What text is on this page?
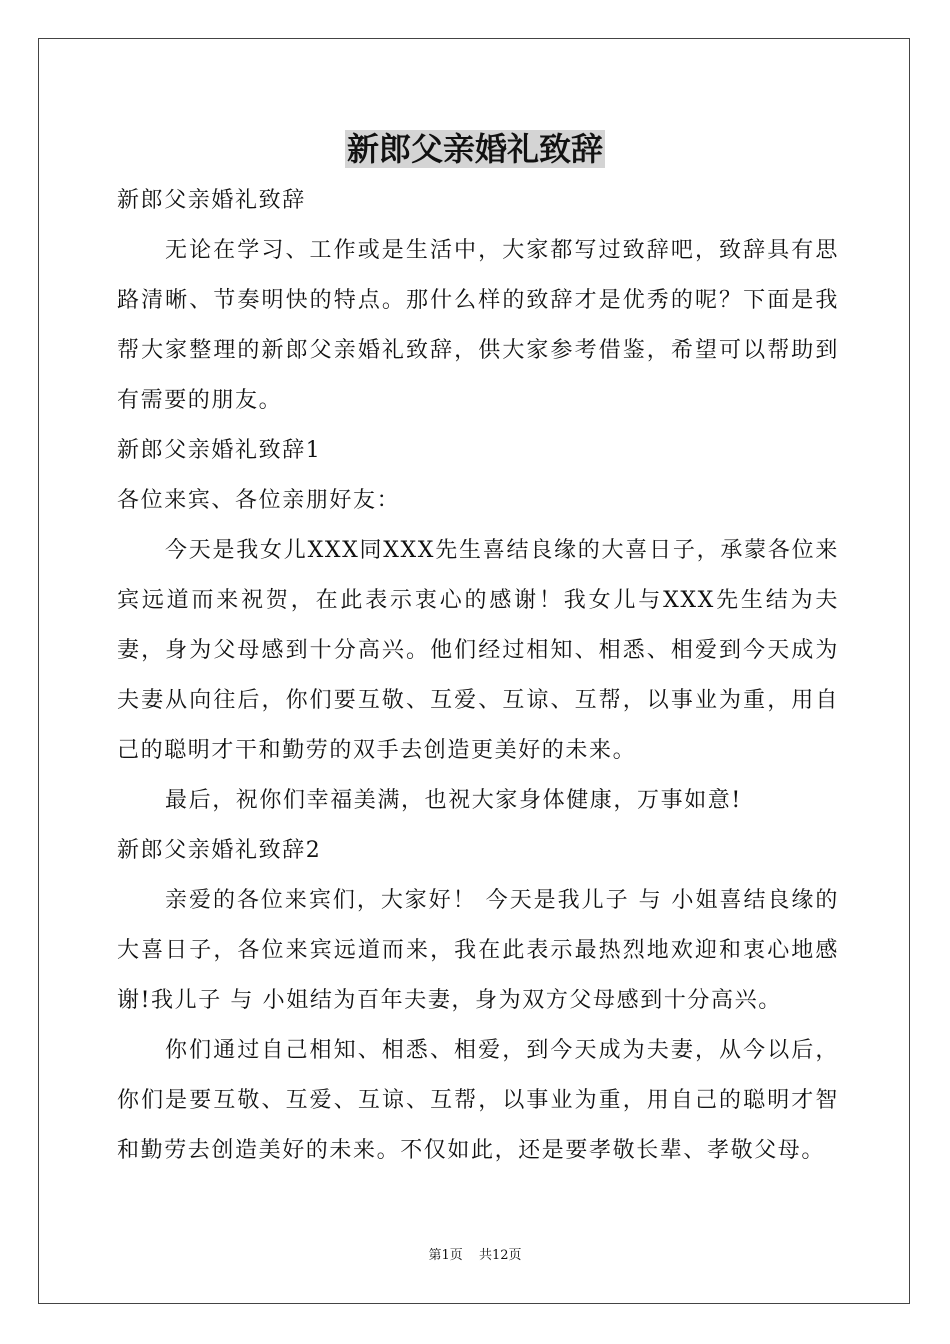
新郎父亲婚礼致辞

新郎父亲婚礼致辞

无论在学习、工作或是生活中，大家都写过致辞吧，致辞具有思路清晰、节奏明快的特点。那什么样的致辞才是优秀的呢？下面是我帮大家整理的新郎父亲婚礼致辞，供大家参考借鉴，希望可以帮助到有需要的朋友。

新郎父亲婚礼致辞1

各位来宾、各位亲朋好友：

今天是我女儿XXX同XXX先生喜结良缘的大喜日子，承蒙各位来宾远道而来祝贺，在此表示衷心的感谢！我女儿与XXX先生结为夫妻，身为父母感到十分高兴。他们经过相知、相悉、相爱到今天成为夫妻从向往后，你们要互敬、互爱、互谅、互帮，以事业为重，用自己的聪明才干和勤劳的双手去创造更美好的未来。

最后，祝你们幸福美满，也祝大家身体健康，万事如意!

新郎父亲婚礼致辞2

亲爱的各位来宾们，大家好！ 今天是我儿子 与 小姐喜结良缘的大喜日子，各位来宾远道而来，我在此表示最热烈地欢迎和衷心地感谢!我儿子 与 小姐结为百年夫妻，身为双方父母感到十分高兴。

你们通过自己相知、相悉、相爱，到今天成为夫妻，从今以后，你们是要互敬、互爱、互谅、互帮，以事业为重，用自己的聪明才智和勤劳去创造美好的未来。不仅如此，还是要孝敬长辈、孝敬父母。

第1页 共12页
